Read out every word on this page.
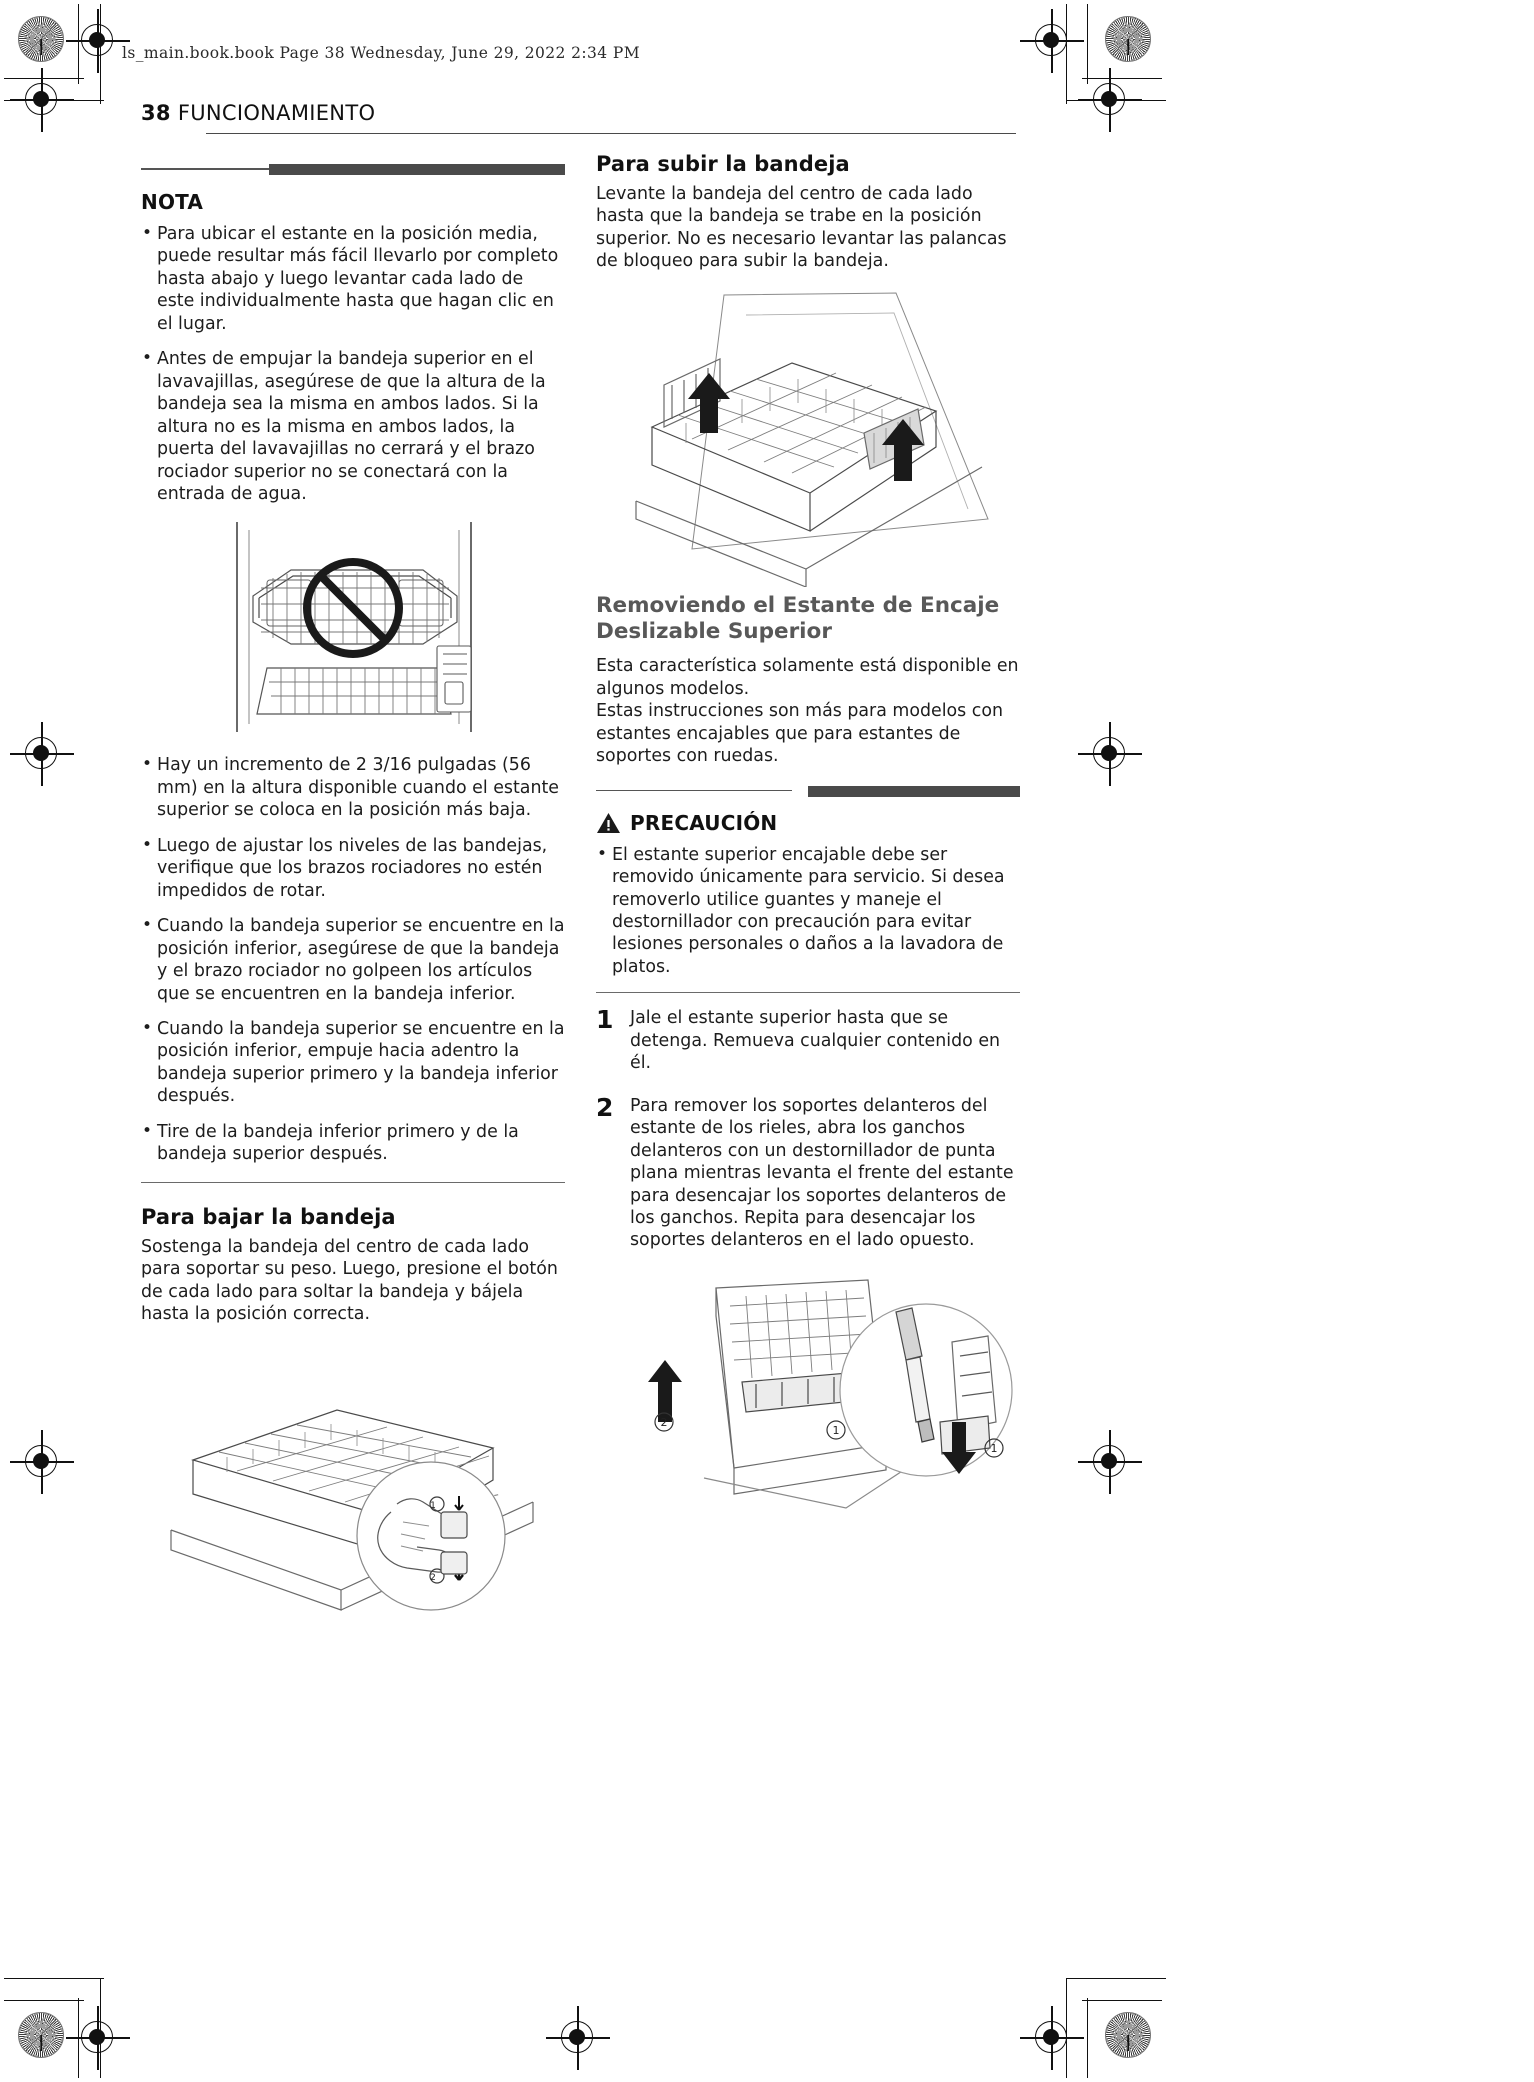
ls_main.book.book Page 38 Wednesday, June 29, 2022 2:34 PM
38 FUNCIONAMIENTO
NOTA
• Para ubicar el estante en la posición media, puede resultar más fácil llevarlo por completo hasta abajo y luego levantar cada lado de este individualmente hasta que hagan clic en el lugar.
• Antes de empujar la bandeja superior en el lavavajillas, asegúrese de que la altura de la bandeja sea la misma en ambos lados. Si la altura no es la misma en ambos lados, la puerta del lavavajillas no cerrará y el brazo rociador superior no se conectará con la entrada de agua.
• Hay un incremento de 2 3/16 pulgadas (56 mm) en la altura disponible cuando el estante superior se coloca en la posición más baja.
• Luego de ajustar los niveles de las bandejas, verifique que los brazos rociadores no estén impedidos de rotar.
• Cuando la bandeja superior se encuentre en la posición inferior, asegúrese de que la bandeja y el brazo rociador no golpeen los artículos que se encuentren en la bandeja inferior.
• Cuando la bandeja superior se encuentre en la posición inferior, empuje hacia adentro la bandeja superior primero y la bandeja inferior después.
• Tire de la bandeja inferior primero y de la bandeja superior después.
Para bajar la bandeja

Sostenga la bandeja del centro de cada lado para soportar su peso. Luego, presione el botón de cada lado para soltar la bandeja y bájela hasta la posición correcta.

1
2
Para subir la bandeja

Levante la bandeja del centro de cada lado hasta que la bandeja se trabe en la posición superior. No es necesario levantar las palancas de bloqueo para subir la bandeja.

Removiendo el Estante de Encaje Deslizable Superior

Esta característica solamente está disponible en algunos modelos.

Estas instrucciones son más para modelos con estantes encajables que para estantes de soportes con ruedas.

PRECAUCIÓN
• El estante superior encajable debe ser removido únicamente para servicio. Si desea removerlo utilice guantes y maneje el destornillador con precaución para evitar lesiones personales o daños a la lavadora de platos.
1 Jale el estante superior hasta que se detenga. Remueva cualquier contenido en él.
2 Para remover los soportes delanteros del estante de los rieles, abra los ganchos delanteros con un destornillador de punta plana mientras levanta el frente del estante para desencajar los soportes delanteros de los ganchos. Repita para desencajar los soportes delanteros en el lado opuesto.
2
1
1
